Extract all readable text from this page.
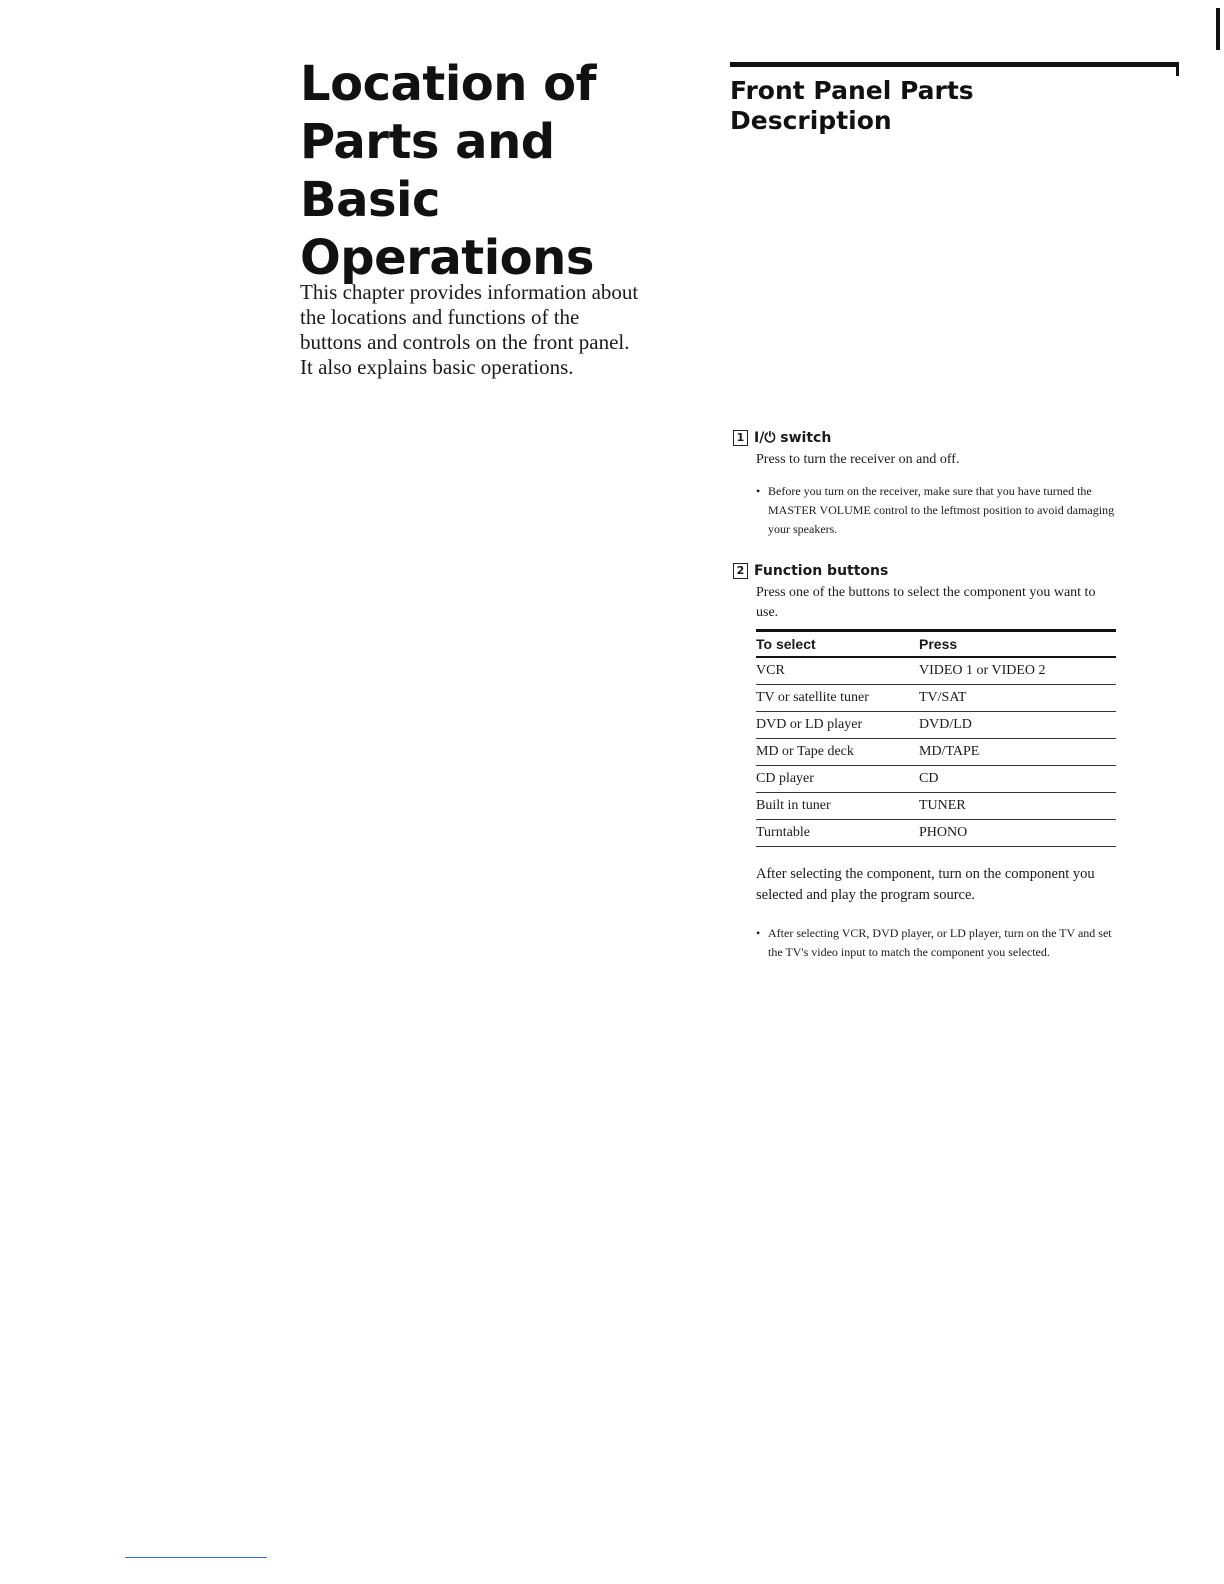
Location of Parts and Basic Operations

This chapter provides information about the locations and functions of the buttons and controls on the front panel. It also explains basic operations.

Front Panel Parts Description
1 I/⏻ switch

Press to turn the receiver on and off.

• Before you turn on the receiver, make sure that you have turned the MASTER VOLUME control to the leftmost position to avoid damaging your speakers.
2 Function buttons

Press one of the buttons to select the component you want to use.

To select	Press
VCR	VIDEO 1 or VIDEO 2
TV or satellite tuner	TV/SAT
DVD or LD player	DVD/LD
MD or Tape deck	MD/TAPE
CD player	CD
Built in tuner	TUNER
Turntable	PHONO

After selecting the component, turn on the component you selected and play the program source.

• After selecting VCR, DVD player, or LD player, turn on the TV and set the TV's video input to match the component you selected.
